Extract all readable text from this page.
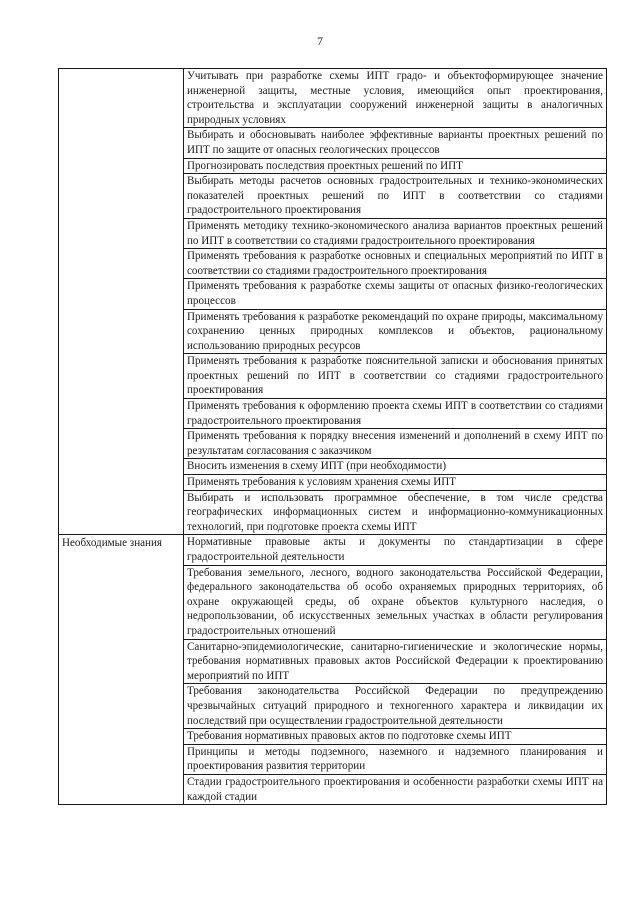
7
	Учитывать при разработке схемы ИПТ градо- и объектоформирующее значение инженерной защиты, местные условия, имеющийся опыт проектирования, строительства и эксплуатации сооружений инженерной защиты в аналогичных природных условиях
	Выбирать и обосновывать наиболее эффективные варианты проектных решений по ИПТ по защите от опасных геологических процессов
	Прогнозировать последствия проектных решений по ИПТ
	Выбирать методы расчетов основных градостроительных и технико-экономических показателей проектных решений по ИПТ в соответствии со стадиями градостроительного проектирования
	Применять методику технико-экономического анализа вариантов проектных решений по ИПТ в соответствии со стадиями градостроительного проектирования
	Применять требования к разработке основных и специальных мероприятий по ИПТ в соответствии со стадиями градостроительного проектирования
	Применять требования к разработке схемы защиты от опасных физико-геологических процессов
	Применять требования к разработке рекомендаций по охране природы, максимальному сохранению ценных природных комплексов и объектов, рациональному использованию природных ресурсов
	Применять требования к разработке пояснительной записки и обоснования принятых проектных решений по ИПТ в соответствии со стадиями градостроительного проектирования
	Применять требования к оформлению проекта схемы ИПТ в соответствии со стадиями градостроительного проектирования
	Применять требования к порядку внесения изменений и дополнений в схему ИПТ по результатам согласования с заказчиком
	Вносить изменения в схему ИПТ (при необходимости)
	Применять требования к условиям хранения схемы ИПТ
	Выбирать и использовать программное обеспечение, в том числе средства географических информационных систем и информационно-коммуникационных технологий, при подготовке проекта схемы ИПТ
Необходимые знания	Нормативные правовые акты и документы по стандартизации в сфере градостроительной деятельности
	Требования земельного, лесного, водного законодательства Российской Федерации, федерального законодательства об особо охраняемых природных территориях, об охране окружающей среды, об охране объектов культурного наследия, о недропользовании, об искусственных земельных участках в области регулирования градостроительных отношений
	Санитарно-эпидемиологические, санитарно-гигиенические и экологические нормы, требования нормативных правовых актов Российской Федерации к проектированию мероприятий по ИПТ
	Требования законодательства Российской Федерации по предупреждению чрезвычайных ситуаций природного и техногенного характера и ликвидации их последствий при осуществлении градостроительной деятельности
	Требования нормативных правовых актов по подготовке схемы ИПТ
	Принципы и методы подземного, наземного и надземного планирования и проектирования развития территории
	Стадии градостроительного проектирования и особенности разработки схемы ИПТ на каждой стадии
